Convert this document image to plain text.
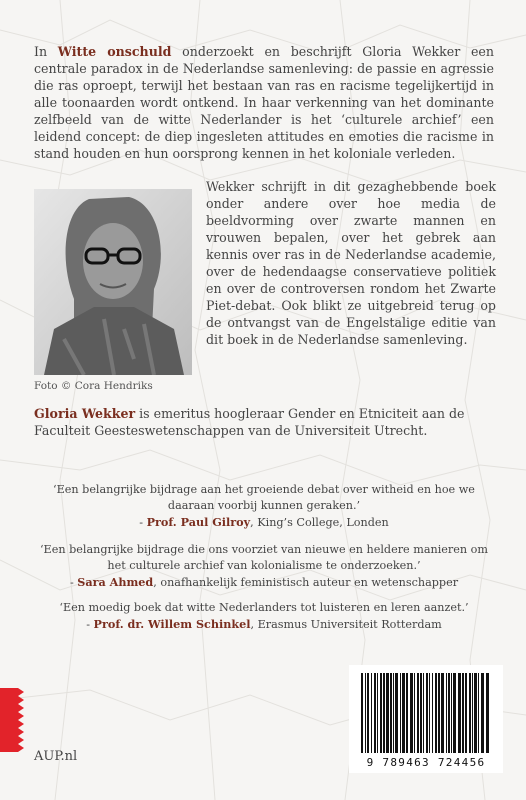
In Witte onschuld onderzoekt en beschrijft Gloria Wekker een centrale paradox in de Nederlandse samenleving: de passie en agressie die ras oproept, terwijl het bestaan van ras en racisme tegelijkertijd in alle toonaarden wordt ontkend. In haar verkenning van het dominante zelfbeeld van de witte Nederlander is het ‘culturele archief’ een leidend concept: de diep ingesleten attitudes en emoties die racisme in stand houden en hun oorsprong kennen in het koloniale verleden.
Foto © Cora Hendriks
Wekker schrijft in dit gezaghebbende boek onder andere over hoe media de beeldvorming over zwarte mannen en vrouwen bepalen, over het gebrek aan kennis over ras in de Nederlandse academie, over de hedendaagse conservatieve politiek en over de controversen rondom het Zwarte Piet-debat. Ook blikt ze uitgebreid terug op de ontvangst van de Engelstalige editie van dit boek in de Nederlandse samenleving.
Gloria Wekker is emeritus hoogleraar Gender en Etniciteit aan de Faculteit Geesteswetenschappen van de Universiteit Utrecht.
‘Een belangrijke bijdrage aan het groeiende debat over witheid en hoe we daaraan voorbij kunnen geraken.’
- Prof. Paul Gilroy, King’s College, Londen
‘Een belangrijke bijdrage die ons voorziet van nieuwe en heldere manieren om het culturele archief van kolonialisme te onderzoeken.’
- Sara Ahmed, onafhankelijk feministisch auteur en wetenschapper
‘Een moedig boek dat witte Nederlanders tot luisteren en leren aanzet.’
- Prof. dr. Willem Schinkel, Erasmus Universiteit Rotterdam
AUP.nl	9 789463 724456
